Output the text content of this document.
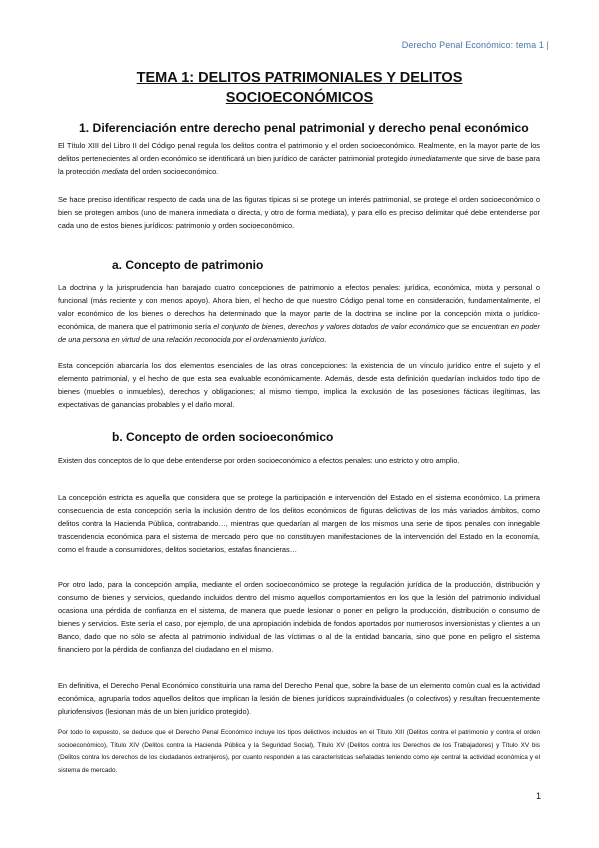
Derecho Penal Económico: tema 1 |
TEMA 1: DELITOS PATRIMONIALES Y DELITOS
SOCIOECONÓMICOS
1. Diferenciación entre derecho penal patrimonial y derecho penal económico
El Título XIII del Libro II del Código penal regula los delitos contra el patrimonio y el orden socioeconómico. Realmente, en la mayor parte de los delitos pertenecientes al orden económico se identificará un bien jurídico de carácter patrimonial protegido inmediatamente que sirve de base para la protección mediata del orden socioeconómico.
Se hace preciso identificar respecto de cada una de las figuras típicas si se protege un interés patrimonial, se protege el orden socioeconómico o bien se protegen ambos (uno de manera inmediata o directa, y otro de forma mediata), y para ello es preciso delimitar qué debe entenderse por cada uno de estos bienes jurídicos: patrimonio y orden socioeconómico.
a. Concepto de patrimonio
La doctrina y la jurisprudencia han barajado cuatro concepciones de patrimonio a efectos penales: jurídica, económica, mixta y personal o funcional (más reciente y con menos apoyo). Ahora bien, el hecho de que nuestro Código penal tome en consideración, fundamentalmente, el valor económico de los bienes o derechos ha determinado que la mayor parte de la doctrina se incline por la concepción mixta o jurídico-económica, de manera que el patrimonio sería el conjunto de bienes, derechos y valores dotados de valor económico que se encuentran en poder de una persona en virtud de una relación reconocida por el ordenamiento jurídico.
Esta concepción abarcaría los dos elementos esenciales de las otras concepciones: la existencia de un vínculo jurídico entre el sujeto y el elemento patrimonial, y el hecho de que esta sea evaluable económicamente. Además, desde esta definición quedarían incluidos todo tipo de bienes (muebles o inmuebles), derechos y obligaciones; al mismo tiempo, implica la exclusión de las posesiones fácticas ilegítimas, las expectativas de ganancias probables y el daño moral.
b. Concepto de orden socioeconómico
Existen dos conceptos de lo que debe entenderse por orden socioeconómico a efectos penales: uno estricto y otro amplio.
La concepción estricta es aquella que considera que se protege la participación e intervención del Estado en el sistema económico. La primera consecuencia de esta concepción sería la inclusión dentro de los delitos económicos de figuras delictivas de los más variados ámbitos, como delitos contra la Hacienda Pública, contrabando…, mientras que quedarían al margen de los mismos una serie de tipos penales con innegable trascendencia económica para el sistema de mercado pero que no constituyen manifestaciones de la intervención del Estado en la economía, como el fraude a consumidores, delitos societarios, estafas financieras…
Por otro lado, para la concepción amplia, mediante el orden socioeconómico se protege la regulación jurídica de la producción, distribución y consumo de bienes y servicios, quedando incluidos dentro del mismo aquellos comportamientos en los que la lesión del patrimonio individual ocasiona una pérdida de confianza en el sistema, de manera que puede lesionar o poner en peligro la producción, distribución o consumo de bienes y servicios. Este sería el caso, por ejemplo, de una apropiación indebida de fondos aportados por numerosos inversionistas y clientes a un Banco, dado que no sólo se afecta al patrimonio individual de las víctimas o al de la entidad bancaria, sino que pone en peligro el sistema financiero por la pérdida de confianza del ciudadano en el mismo.
En definitiva, el Derecho Penal Económico constituiría una rama del Derecho Penal que, sobre la base de un elemento común cual es la actividad económica, agruparía todos aquellos delitos que implican la lesión de bienes jurídicos supraindividuales (o colectivos) y resultan frecuentemente pluriofensivos (lesionan más de un bien jurídico protegido).
Por todo lo expuesto, se deduce que el Derecho Penal Económico incluye los tipos delictivos incluidos en el Título XIII (Delitos contra el patrimonio y contra el orden socioeconómico), Título XIV (Delitos contra la Hacienda Pública y la Seguridad Social), Título XV (Delitos contra los Derechos de los Trabajadores) y Título XV bis (Delitos contra los derechos de los ciudadanos extranjeros), por cuanto responden a las características señaladas teniendo como eje central la actividad económica y el sistema de mercado.
1
